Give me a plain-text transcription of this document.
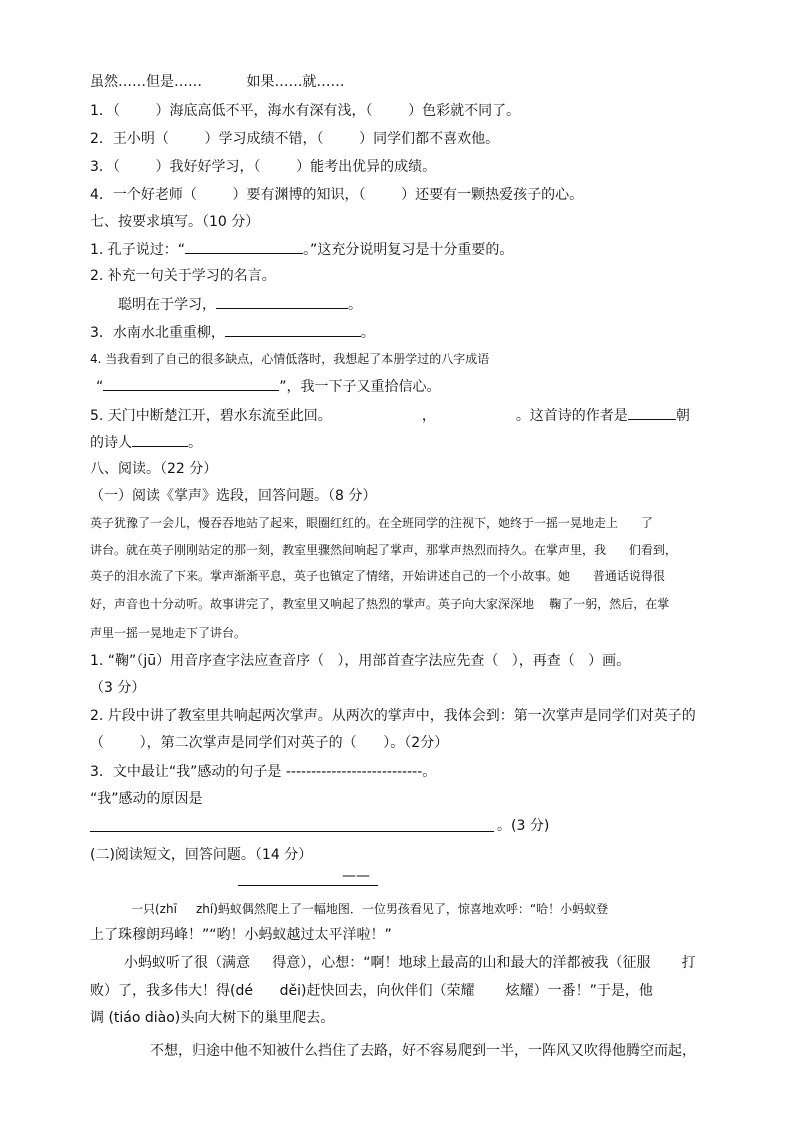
虽然……但是……          如果……就……
1．（        ）海底高低不平，海水有深有浅，（        ）色彩就不同了。
2．王小明（        ）学习成绩不错，（        ）同学们都不喜欢他。
3．（        ）我好好学习，（        ）能考出优异的成绩。
4．一个好老师（        ）要有渊博的知识，（        ）还要有一颗热爱孩子的心。
七、按要求填写。（10 分）
1. 孔子说过：“	。”这充分说明复习是十分重要的。
2. 补充一句关于学习的名言。
聪明在于学习，	。
3．水南水北重重柳，	。
4. 当我看到了自己的很多缺点，心情低落时，我想起了本册学过的八字成语
“	”，我一下子又重拾信心。
5. 天门中断楚江开，碧水东流至此回。	，	。这首诗的作者是	朝
的诗人	。
八、阅读。（22 分）
（一）阅读《掌声》选段，回答问题。（8 分）
英子犹豫了一会儿，慢吞吞地站了起来，眼圈红红的。在全班同学的注视下，她终于一摇一晃地走上      了
讲台。就在英子刚刚站定的那一刻，教室里骤然间响起了掌声，那掌声热烈而持久。在掌声里，我      们看到，
英子的泪水流了下来。掌声渐渐平息，英子也镇定了情绪，开始讲述自己的一个小故事。她      普通话说得很
好，声音也十分动听。故事讲完了，教室里又响起了热烈的掌声。英子向大家深深地    鞠了一躬，然后，在掌
声里一摇一晃地走下了讲台。
1. “鞠”（jū）用音序查字法应查音序（   ），用部首查字法应先查（   ），再查（   ）画。
（3 分）
2. 片段中讲了教室里共响起两次掌声。从两次的掌声中，我体会到：第一次掌声是同学们对英子的
（        ），第二次掌声是同学们对英子的（      ）。（2分）
3．文中最让“我”感动的句子是 ---------------------------。
“我”感动的原因是
。(3 分)
(二)阅读短文，回答问题。（14 分）
——
一只(zhī     zhí)蚂蚁偶然爬上了一幅地图．一位男孩看见了，惊喜地欢呼：“哈！小蚂蚁登
上了珠穆朗玛峰！”“哟！小蚂蚁越过太平洋啦！”
小蚂蚁听了很（满意     得意），心想：“啊！地球上最高的山和最大的洋都被我（征服       打
败）了，我多伟大！得(dé      děi)赶快回去，向伙伴们（荣耀       炫耀）一番！”于是，他
调 (tiáo diào)头向大树下的巢里爬去。
不想，归途中他不知被什么挡住了去路，好不容易爬到一半，一阵风又吹得他腾空而起，
